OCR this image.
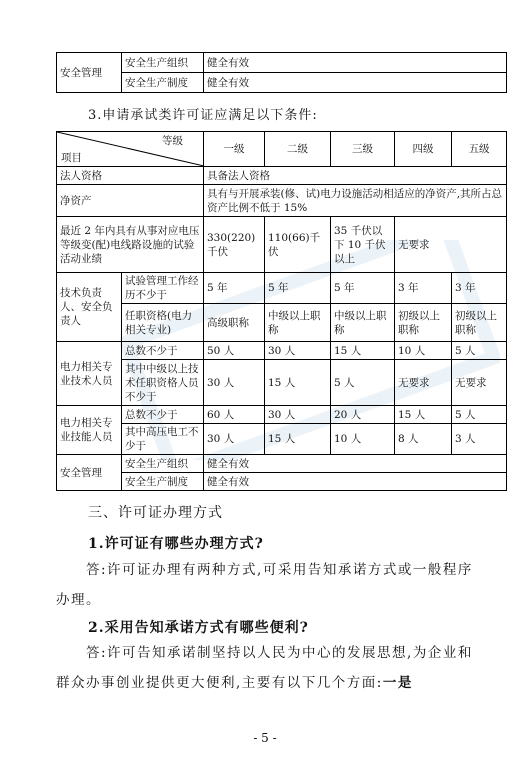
安全管理	安全生产组织	健全有效
	安全生产制度	健全有效
3.申请承试类许可证应满足以下条件:
等级
项目		一级	二级	三级	四级	五级
法人资格		具备法人资格				
净资产		具有与开展承装(修、试)电力设施活动相适应的净资产,其所占总资产比例不低于 15%				
最近 2 年内具有从事对应电压等级变(配)电线路设施的试验活动业绩		330(220)千伏	110(66)千伏	35 千伏以下 10 千伏以上	无要求	
技术负责人、安全负责人	试验管理工作经历不少于	5 年	5 年	5 年	3 年	3 年
	任职资格(电力相关专业)	高级职称	中级以上职称	中级以上职称	初级以上职称	初级以上职称
电力相关专业技术人员	总数不少于	50 人	30 人	15 人	10 人	5 人
	其中中级以上技术任职资格人员不少于	30 人	15 人	5 人	无要求	无要求
电力相关专业技能人员	总数不少于	60 人	30 人	20 人	15 人	5 人
	其中高压电工不少于	30 人	15 人	10 人	8 人	3 人
安全管理	安全生产组织	健全有效				
	安全生产制度	健全有效				
三、许可证办理方式
1.许可证有哪些办理方式?
答:许可证办理有两种方式,可采用告知承诺方式或一般程序办理。
2.采用告知承诺方式有哪些便利?
答:许可告知承诺制坚持以人民为中心的发展思想,为企业和群众办事创业提供更大便利,主要有以下几个方面:一是
- 5 -
